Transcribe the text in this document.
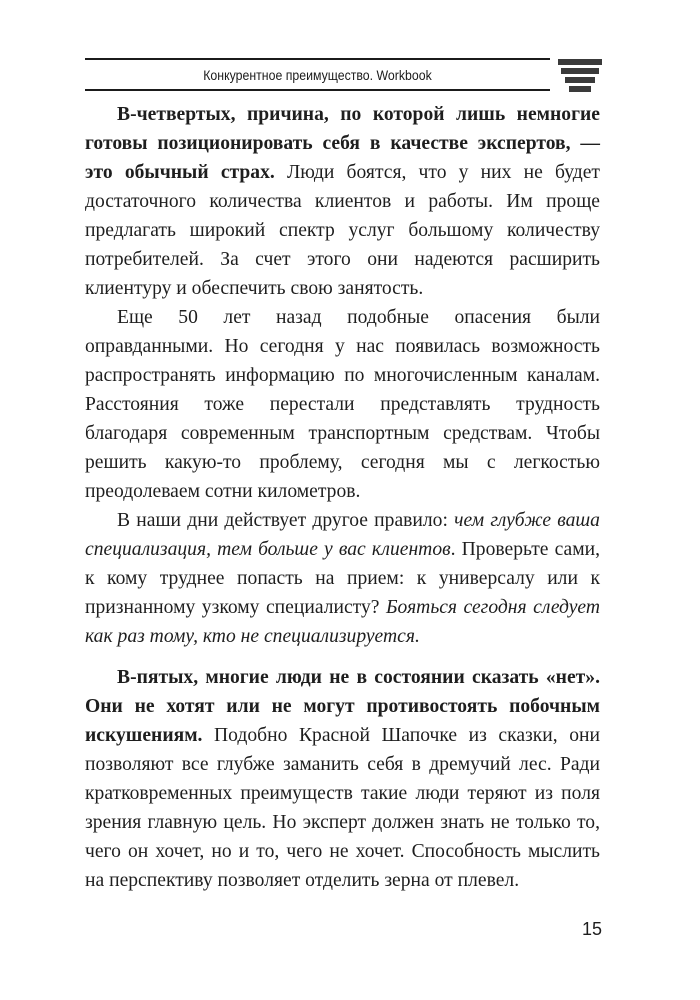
Конкурентное преимущество. Workbook

В-четвертых, причина, по которой лишь немногие готовы позиционировать себя в качестве экспертов, — это обычный страх. Люди боятся, что у них не будет достаточного количества клиентов и работы. Им проще предлагать широкий спектр услуг большому количеству потребителей. За счет этого они надеются расширить клиентуру и обеспечить свою занятость.

Еще 50 лет назад подобные опасения были оправданными. Но сегодня у нас появилась возможность распространять информацию по многочисленным каналам. Расстояния тоже перестали представлять трудность благодаря современным транспортным средствам. Чтобы решить какую-то проблему, сегодня мы с легкостью преодолеваем сотни километров.

В наши дни действует другое правило: чем глубже ваша специализация, тем больше у вас клиентов. Проверьте сами, к кому труднее попасть на прием: к универсалу или к признанному узкому специалисту? Бояться сегодня следует как раз тому, кто не специализируется.

В-пятых, многие люди не в состоянии сказать «нет». Они не хотят или не могут противостоять побочным искушениям. Подобно Красной Шапочке из сказки, они позволяют все глубже заманить себя в дремучий лес. Ради кратковременных преимуществ такие люди теряют из поля зрения главную цель. Но эксперт должен знать не только то, чего он хочет, но и то, чего не хочет. Способность мыслить на перспективу позволяет отделить зерна от плевел.

15
